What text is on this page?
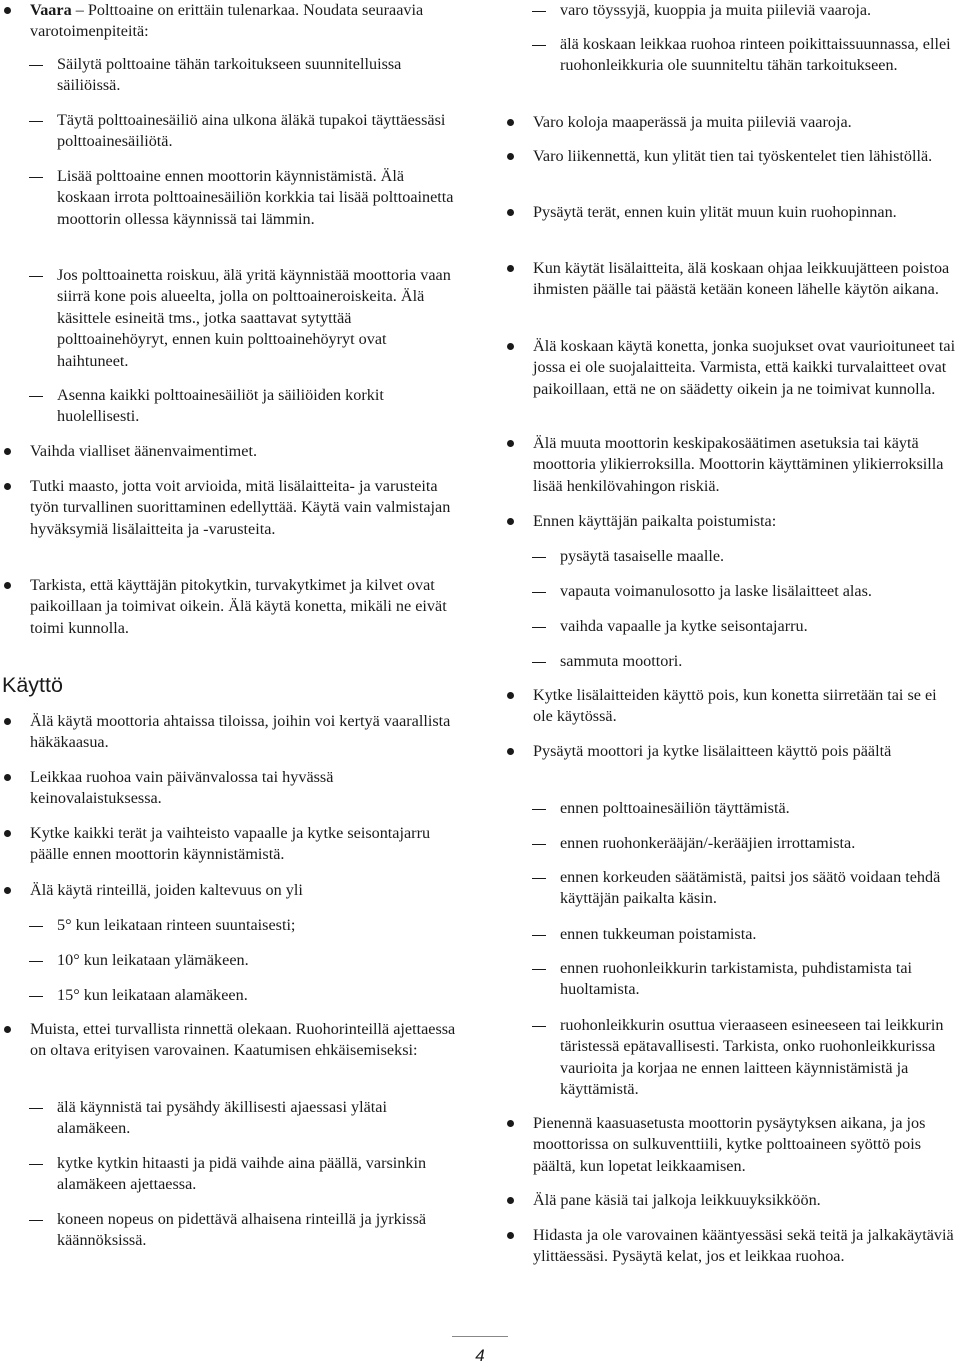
Vaara – Polttoaine on erittäin tulenarkaa. Noudata seuraavia varotoimenpiteitä:

Säilytä polttoaine tähän tarkoitukseen suunnitelluissa säiliöissä.

Täytä polttoainesäiliö aina ulkona äläkä tupakoi täyttäessäsi polttoainesäiliötä.

Lisää polttoaine ennen moottorin käynnistämistä. Älä koskaan irrota polttoainesäiliön korkkia tai lisää polttoainetta moottorin ollessa käynnissä tai lämmin.

Jos polttoainetta roiskuu, älä yritä käynnistää moottoria vaan siirrä kone pois alueelta, jolla on polttoaineroiskeita. Älä käsittele esineitä tms., jotka saattavat sytyttää polttoainehöyryt, ennen kuin polttoainehöyryt ovat haihtuneet.

Asenna kaikki polttoainesäiliöt ja säiliöiden korkit huolellisesti.

Vaihda vialliset äänenvaimentimet.

Tutki maasto, jotta voit arvioida, mitä lisälaitteita- ja varusteita työn turvallinen suorittaminen edellyttää. Käytä vain valmistajan hyväksymiä lisälaitteita ja -varusteita.

Tarkista, että käyttäjän pitokytkin, turvakytkimet ja kilvet ovat paikoillaan ja toimivat oikein. Älä käytä konetta, mikäli ne eivät toimi kunnolla.

Käyttö

Älä käytä moottoria ahtaissa tiloissa, joihin voi kertyä vaarallista häkäkaasua.

Leikkaa ruohoa vain päivänvalossa tai hyvässä keinovalaistuksessa.

Kytke kaikki terät ja vaihteisto vapaalle ja kytke seisontajarru päälle ennen moottorin käynnistämistä.

Älä käytä rinteillä, joiden kaltevuus on yli

5° kun leikataan rinteen suuntaisesti;

10° kun leikataan ylämäkeen.

15° kun leikataan alamäkeen.

Muista, ettei turvallista rinnettä olekaan. Ruohorinteillä ajettaessa on oltava erityisen varovainen. Kaatumisen ehkäisemiseksi:

älä käynnistä tai pysähdy äkillisesti ajaessasi ylätai alamäkeen.

kytke kytkin hitaasti ja pidä vaihde aina päällä, varsinkin alamäkeen ajettaessa.

koneen nopeus on pidettävä alhaisena rinteillä ja jyrkissä käännöksissä.

varo töyssyjä, kuoppia ja muita piileviä vaaroja.

älä koskaan leikkaa ruohoa rinteen poikittaissuunnassa, ellei ruohonleikkuria ole suunniteltu tähän tarkoitukseen.

Varo koloja maaperässä ja muita piileviä vaaroja.

Varo liikennettä, kun ylität tien tai työskentelet tien lähistöllä.

Pysäytä terät, ennen kuin ylität muun kuin ruohopinnan.

Kun käytät lisälaitteita, älä koskaan ohjaa leikkuujätteen poistoa ihmisten päälle tai päästä ketään koneen lähelle käytön aikana.

Älä koskaan käytä konetta, jonka suojukset ovat vaurioituneet tai jossa ei ole suojalaitteita. Varmista, että kaikki turvalaitteet ovat paikoillaan, että ne on säädetty oikein ja ne toimivat kunnolla.

Älä muuta moottorin keskipakosäätimen asetuksia tai käytä moottoria ylikierroksilla. Moottorin käyttäminen ylikierroksilla lisää henkilövahingon riskiä.

Ennen käyttäjän paikalta poistumista:

pysäytä tasaiselle maalle.

vapauta voimanulosotto ja laske lisälaitteet alas.

vaihda vapaalle ja kytke seisontajarru.

sammuta moottori.

Kytke lisälaitteiden käyttö pois, kun konetta siirretään tai se ei ole käytössä.

Pysäytä moottori ja kytke lisälaitteen käyttö pois päältä

ennen polttoainesäiliön täyttämistä.

ennen ruohonkerääjän/-kerääjien irrottamista.

ennen korkeuden säätämistä, paitsi jos säätö voidaan tehdä käyttäjän paikalta käsin.

ennen tukkeuman poistamista.

ennen ruohonleikkurin tarkistamista, puhdistamista tai huoltamista.

ruohonleikkurin osuttua vieraaseen esineeseen tai leikkurin täristessä epätavallisesti. Tarkista, onko ruohonleikkurissa vaurioita ja korjaa ne ennen laitteen käynnistämistä ja käyttämistä.

Pienennä kaasuasetusta moottorin pysäytyksen aikana, ja jos moottorissa on sulkuventtiili, kytke polttoaineen syöttö pois päältä, kun lopetat leikkaamisen.

Älä pane käsiä tai jalkoja leikkuuyksikköön.

Hidasta ja ole varovainen kääntyessäsi sekä teitä ja jalkakäytäviä ylittäessäsi. Pysäytä kelat, jos et leikkaa ruohoa.

4
